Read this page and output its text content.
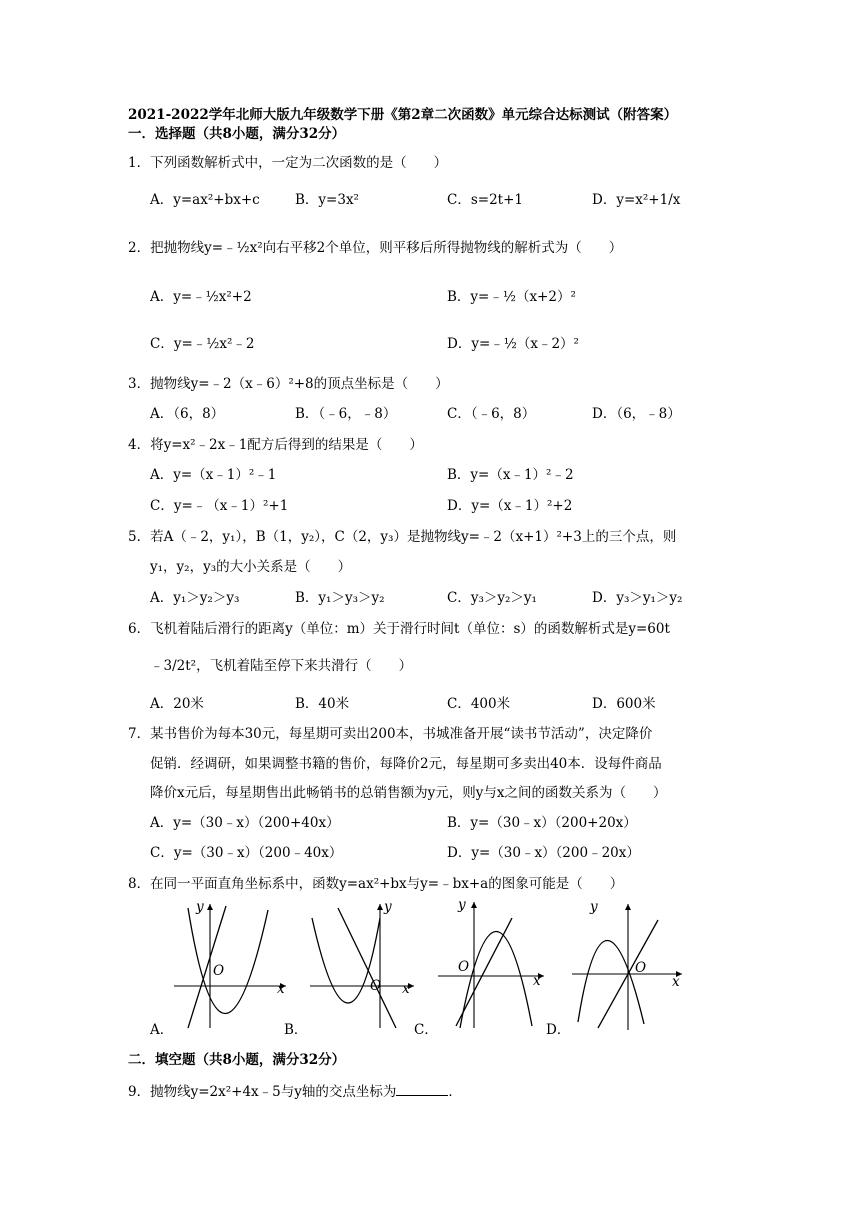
2021-2022学年北师大版九年级数学下册《第2章二次函数》单元综合达标测试（附答案）
一．选择题（共8小题，满分32分）
1．下列函数解析式中，一定为二次函数的是（　　）
A．y=ax²+bx+c	B．y=3x²	C．s=2t+1	D．y=x²+1/x
2．把抛物线y=﹣½x²向右平移2个单位，则平移后所得抛物线的解析式为（　　）
A．y=﹣½x²+2	B．y=﹣½（x+2）²
C．y=﹣½x²﹣2	D．y=﹣½（x﹣2）²
3．抛物线y=﹣2（x﹣6）²+8的顶点坐标是（　　）
A．（6，8）	B．（﹣6，﹣8）	C．（﹣6，8）	D．（6，﹣8）
4．将y=x²﹣2x﹣1配方后得到的结果是（　　）
A．y=（x﹣1）²﹣1	B．y=（x﹣1）²﹣2
C．y=﹣（x﹣1）²+1	D．y=（x﹣1）²+2
5．若A（﹣2，y₁），B（1，y₂），C（2，y₃）是抛物线y=﹣2（x+1）²+3上的三个点，则
y₁，y₂，y₃的大小关系是（　　）
A．y₁＞y₂＞y₃	B．y₁＞y₃＞y₂	C．y₃＞y₂＞y₁	D．y₃＞y₁＞y₂
6．飞机着陆后滑行的距离y（单位：m）关于滑行时间t（单位：s）的函数解析式是y=60t
﹣3/2t²，飞机着陆至停下来共滑行（　　）
A．20米	B．40米	C．400米	D．600米
7．某书售价为每本30元，每星期可卖出200本，书城准备开展“读书节活动”，决定降价
促销．经调研，如果调整书籍的售价，每降价2元，每星期可多卖出40本．设每件商品
降价x元后，每星期售出此畅销书的总销售额为y元，则y与x之间的函数关系为（　　）
A．y=（30﹣x）（200+40x）	B．y=（30﹣x）（200+20x）
C．y=（30﹣x）（200﹣40x）	D．y=（30﹣x）（200﹣20x）
8．在同一平面直角坐标系中，函数y=ax²+bx与y=﹣bx+a的图象可能是（　　）
y
x
O
A．
y
x
O
B．
y
x
O
C．
y
x
O
D．
二．填空题（共8小题，满分32分）
9．抛物线y=2x²+4x﹣5与y轴的交点坐标为	．
